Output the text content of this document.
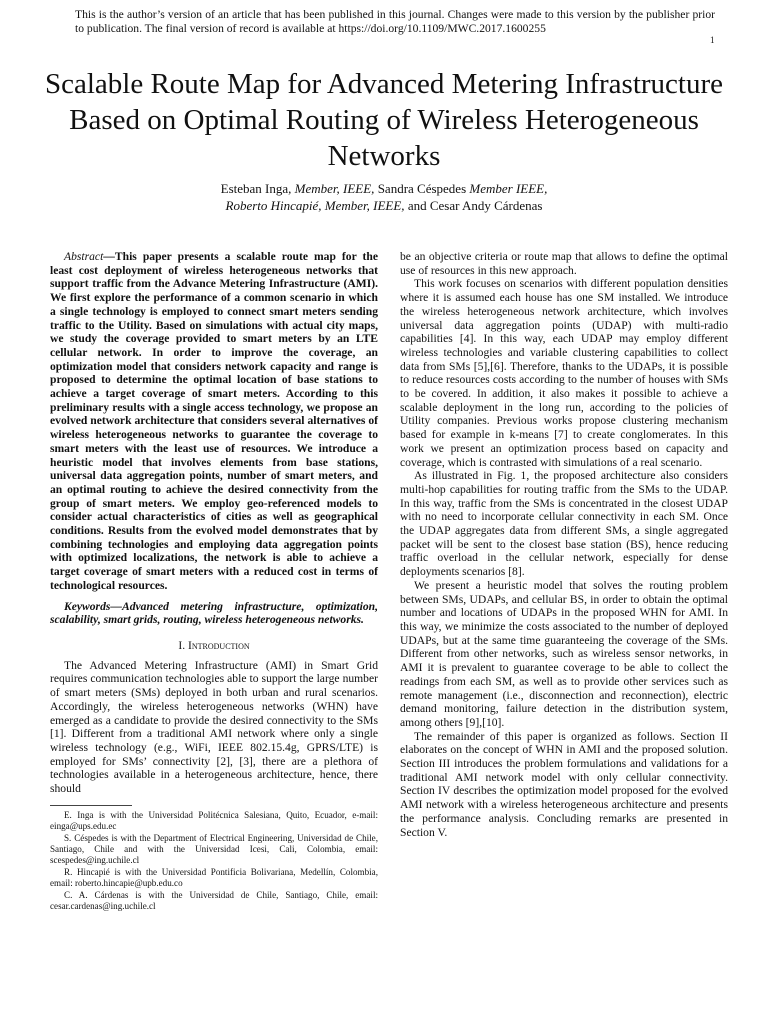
This is the author’s version of an article that has been published in this journal. Changes were made to this version by the publisher prior to publication. The final version of record is available at https://doi.org/10.1109/MWC.2017.1600255
1
Scalable Route Map for Advanced Metering Infrastructure Based on Optimal Routing of Wireless Heterogeneous Networks
Esteban Inga, Member, IEEE, Sandra Céspedes Member IEEE,
Roberto Hincapié, Member, IEEE, and Cesar Andy Cárdenas

Abstract—This paper presents a scalable route map for the least cost deployment of wireless heterogeneous networks that support traffic from the Advance Metering Infrastructure (AMI). We first explore the performance of a common scenario in which a single technology is employed to connect smart meters sending traffic to the Utility. Based on simulations with actual city maps, we study the coverage provided to smart meters by an LTE cellular network. In order to improve the coverage, an optimization model that considers network capacity and range is proposed to determine the optimal location of base stations to achieve a target coverage of smart meters. According to this preliminary results with a single access technology, we propose an evolved network architecture that considers several alternatives of wireless heterogeneous networks to guarantee the coverage to smart meters with the least use of resources. We introduce a heuristic model that involves elements from base stations, universal data aggregation points, number of smart meters, and an optimal routing to achieve the desired connectivity from the group of smart meters. We employ geo-referenced models to consider actual characteristics of cities as well as geographical conditions. Results from the evolved model demonstrates that by combining technologies and employing data aggregation points with optimized localizations, the network is able to achieve a target coverage of smart meters with a reduced cost in terms of technological resources.

Keywords—Advanced metering infrastructure, optimization, scalability, smart grids, routing, wireless heterogeneous networks.

I. Introduction

The Advanced Metering Infrastructure (AMI) in Smart Grid requires communication technologies able to support the large number of smart meters (SMs) deployed in both urban and rural scenarios. Accordingly, the wireless heterogeneous networks (WHN) have emerged as a candidate to provide the desired connectivity to the SMs [1]. Different from a traditional AMI network where only a single wireless technology (e.g., WiFi, IEEE 802.15.4g, GPRS/LTE) is employed for SMs’ connectivity [2], [3], there are a plethora of technologies available in a heterogeneous architecture, hence, there should

E. Inga is with the Universidad Politécnica Salesiana, Quito, Ecuador, e-mail: einga@ups.edu.ec

S. Céspedes is with the Department of Electrical Engineering, Universidad de Chile, Santiago, Chile and with the Universidad Icesi, Cali, Colombia, email: scespedes@ing.uchile.cl

R. Hincapié is with the Universidad Pontificia Bolivariana, Medellín, Colombia, email: roberto.hincapie@upb.edu.co

C. A. Cárdenas is with the Universidad de Chile, Santiago, Chile, email: cesar.cardenas@ing.uchile.cl

be an objective criteria or route map that allows to define the optimal use of resources in this new approach.

This work focuses on scenarios with different population densities where it is assumed each house has one SM installed. We introduce the wireless heterogeneous network architecture, which involves universal data aggregation points (UDAP) with multi-radio capabilities [4]. In this way, each UDAP may employ different wireless technologies and variable clustering capabilities to collect data from SMs [5],[6]. Therefore, thanks to the UDAPs, it is possible to reduce resources costs according to the number of houses with SMs to be covered. In addition, it also makes it possible to achieve a scalable deployment in the long run, according to the policies of Utility companies. Previous works propose clustering mechanism based for example in k-means [7] to create conglomerates. In this work we present an optimization process based on capacity and coverage, which is contrasted with simulations of a real scenario.

As illustrated in Fig. 1, the proposed architecture also considers multi-hop capabilities for routing traffic from the SMs to the UDAP. In this way, traffic from the SMs is concentrated in the closest UDAP with no need to incorporate cellular connectivity in each SM. Once the UDAP aggregates data from different SMs, a single aggregated packet will be sent to the closest base station (BS), hence reducing traffic overload in the cellular network, especially for dense deployments scenarios [8].

We present a heuristic model that solves the routing problem between SMs, UDAPs, and cellular BS, in order to obtain the optimal number and locations of UDAPs in the proposed WHN for AMI. In this way, we minimize the costs associated to the number of deployed UDAPs, but at the same time guaranteeing the coverage of the SMs. Different from other networks, such as wireless sensor networks, in AMI it is prevalent to guarantee coverage to be able to collect the readings from each SM, as well as to provide other services such as remote management (i.e., disconnection and reconnection), electric demand monitoring, failure detection in the distribution system, among others [9],[10].

The remainder of this paper is organized as follows. Section II elaborates on the concept of WHN in AMI and the proposed solution. Section III introduces the problem formulations and validations for a traditional AMI network model with only cellular connectivity. Section IV describes the optimization model proposed for the evolved AMI network with a wireless heterogeneous architecture and presents the performance analysis. Concluding remarks are presented in Section V.
